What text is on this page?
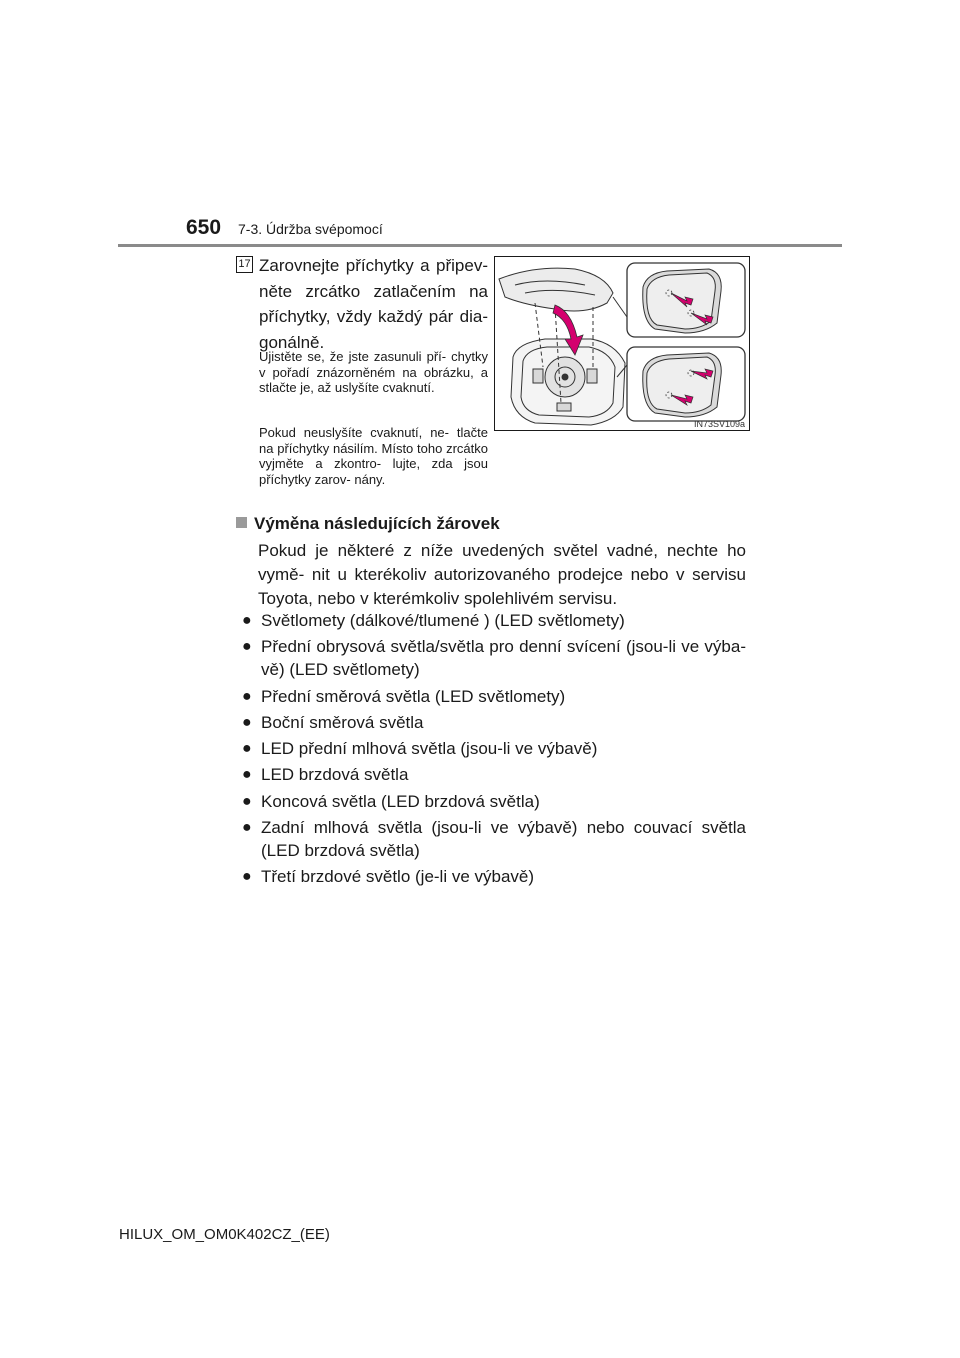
650 7-3. Údržba svépomocí
17 Zarovnejte příchytky a připev- něte zrcátko zatlačením na příchytky, vždy každý pár dia- gonálně.

Ujistěte se, že jste zasunuli pří- chytky v pořadí znázorněném na obrázku, a stlačte je, až uslyšíte cvaknutí.

Pokud neuslyšíte cvaknutí, ne- tlačte na příchytky násilím. Místo toho zrcátko vyjměte a zkontro- lujte, zda jsou příchytky zarov- nány.

IN73SV109a
Výměna následujících žárovek

Pokud je některé z níže uvedených světel vadné, nechte ho vymě- nit u kterékoliv autorizovaného prodejce nebo v servisu Toyota, nebo v kterémkoliv spolehlivém servisu.

● Světlomety (dálkové/tlumené ) (LED světlomety)
● Přední obrysová světla/světla pro denní svícení (jsou-li ve výba- vě) (LED světlomety)
● Přední směrová světla (LED světlomety)
● Boční směrová světla
● LED přední mlhová světla (jsou-li ve výbavě)
● LED brzdová světla
● Koncová světla (LED brzdová světla)
● Zadní mlhová světla (jsou-li ve výbavě) nebo couvací světla (LED brzdová světla)
● Třetí brzdové světlo (je-li ve výbavě)
HILUX_OM_OM0K402CZ_(EE)
